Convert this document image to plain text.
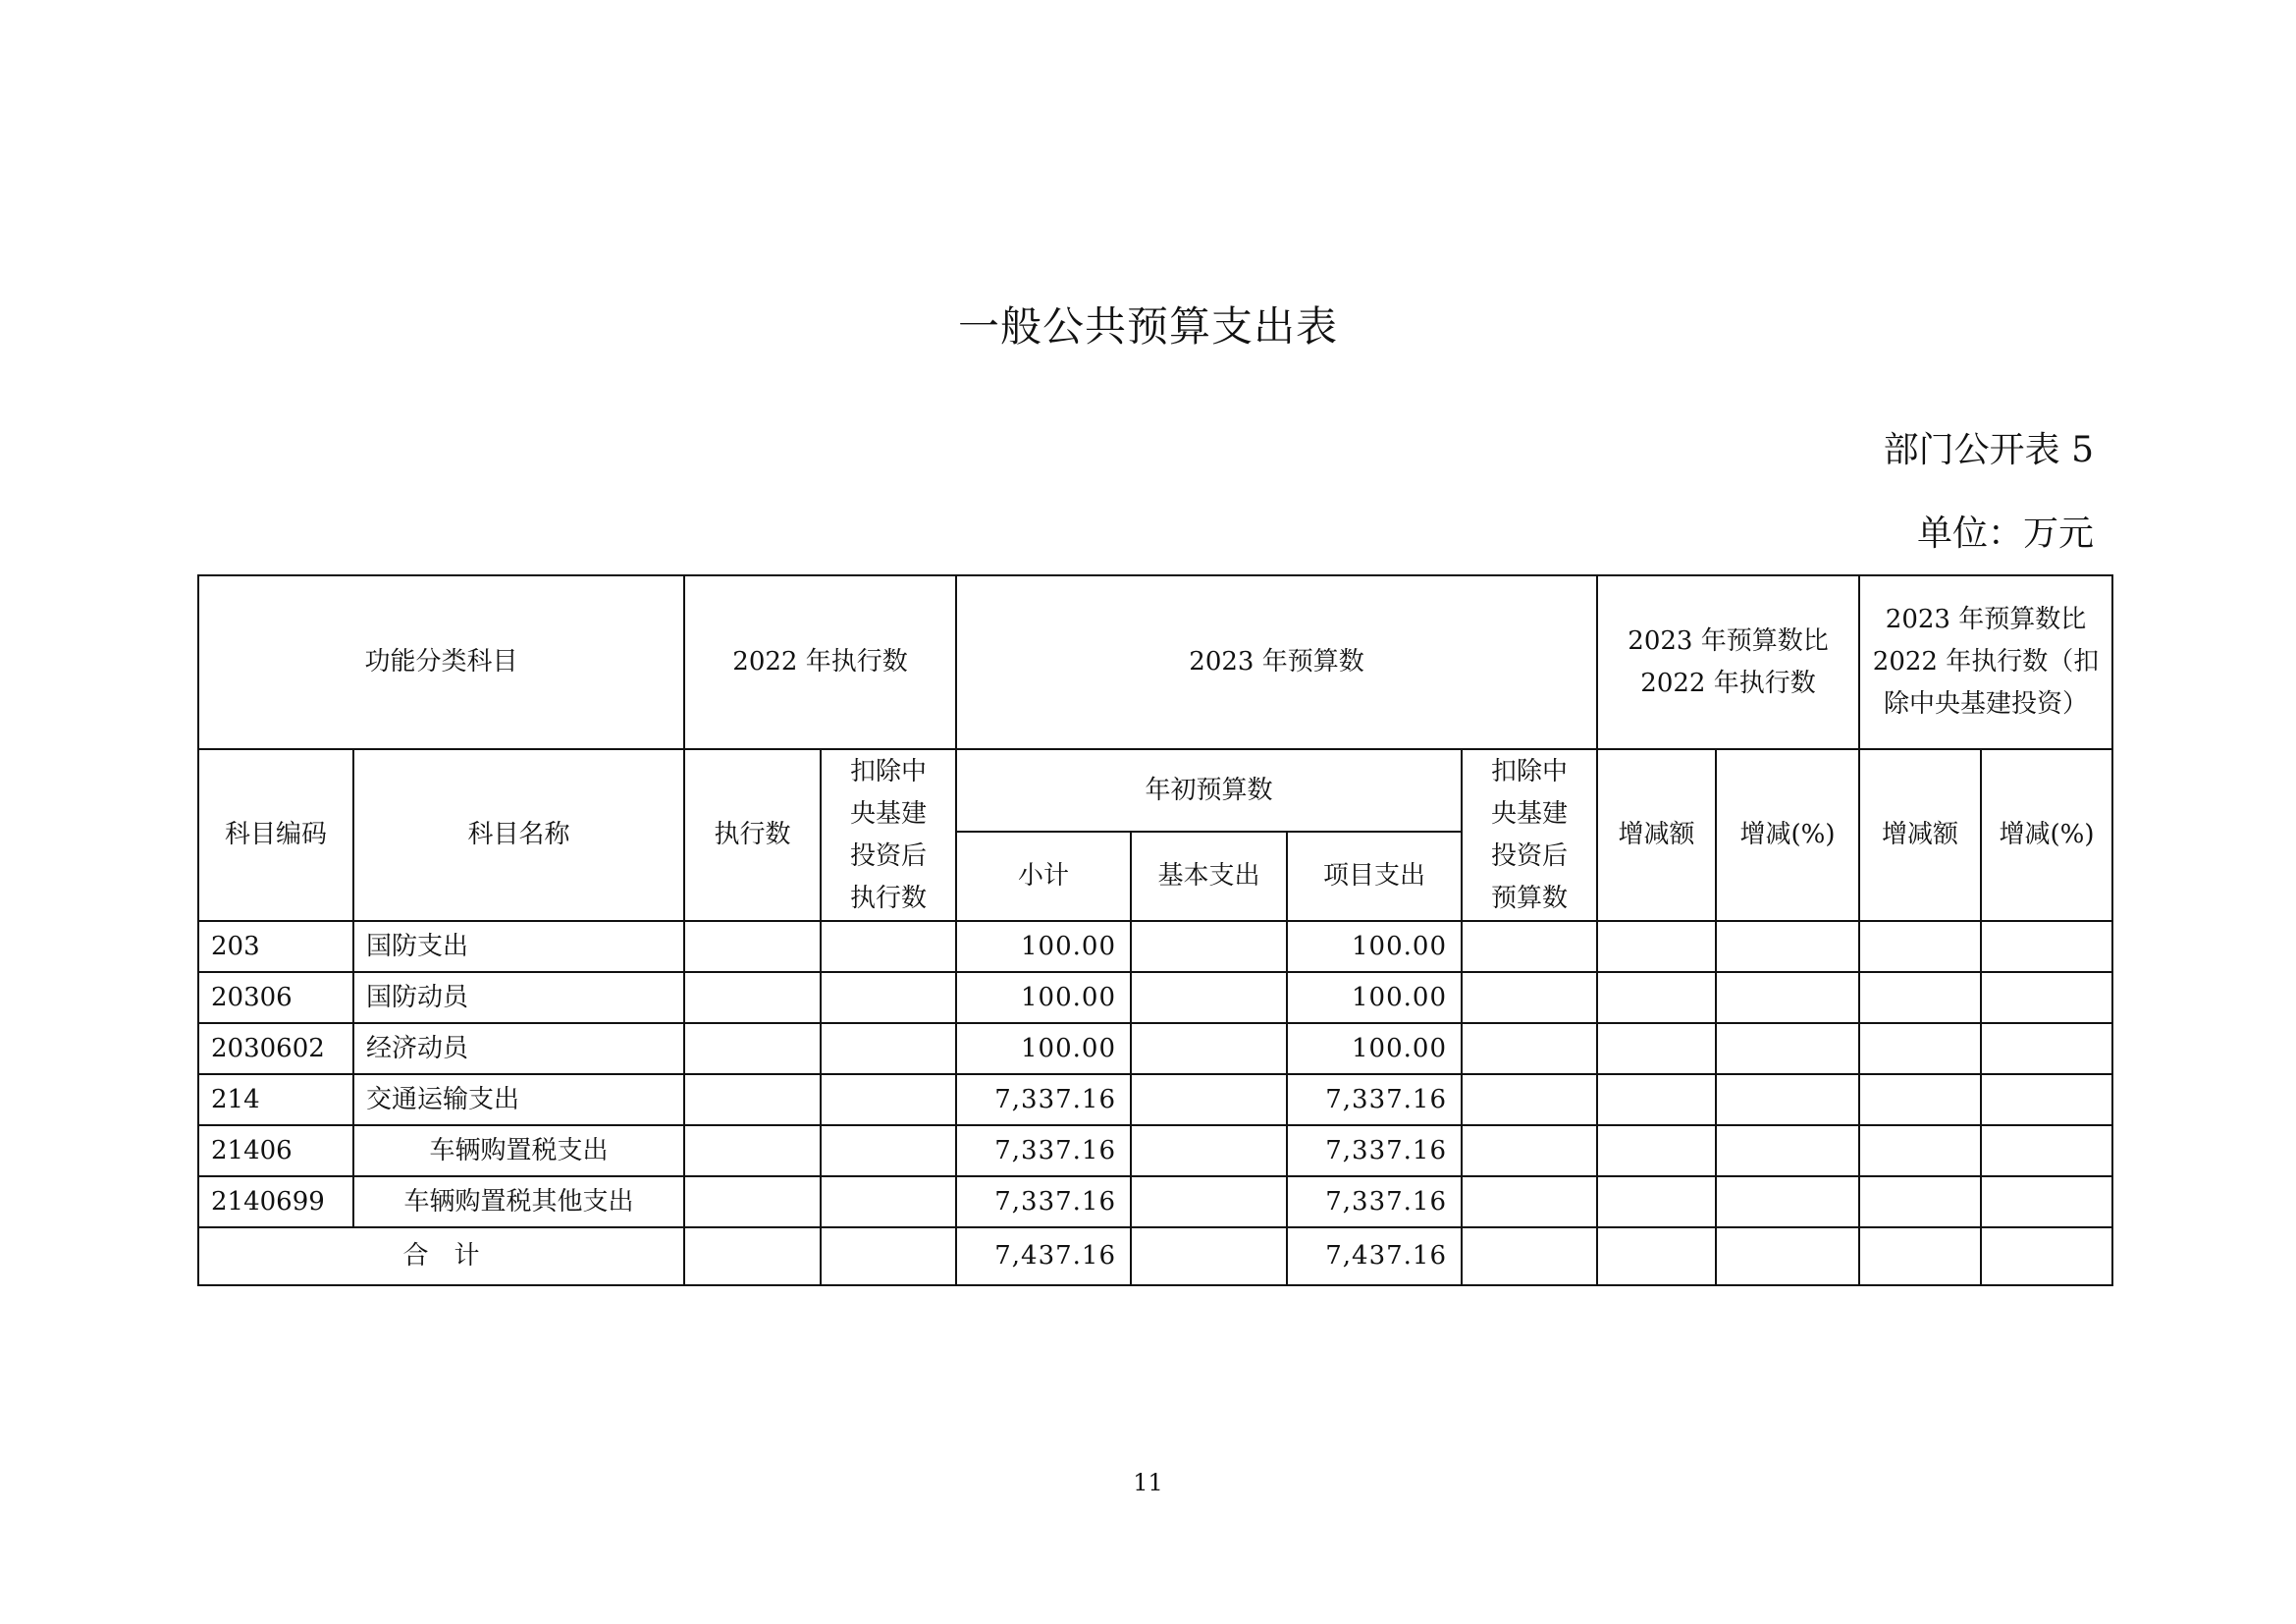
一般公共预算支出表
部门公开表 5
单位：万元
功能分类科目		2022 年执行数		2023 年预算数				2023 年预算数比 2022 年执行数		2023 年预算数比 2022 年执行数（扣除中央基建投资）	
科目编码	科目名称	执行数	扣除中央基建投资后执行数	年初预算数			扣除中央基建投资后预算数	增减额	增减(%)	增减额	增减(%)
				小计	基本支出	项目支出					
203	国防支出			100.00		100.00					
20306	国防动员			100.00		100.00					
2030602	经济动员			100.00		100.00					
214	交通运输支出			7,337.16		7,337.16					
21406	车辆购置税支出			7,337.16		7,337.16					
2140699	车辆购置税其他支出			7,337.16		7,337.16					
合　计				7,437.16		7,437.16					
11
